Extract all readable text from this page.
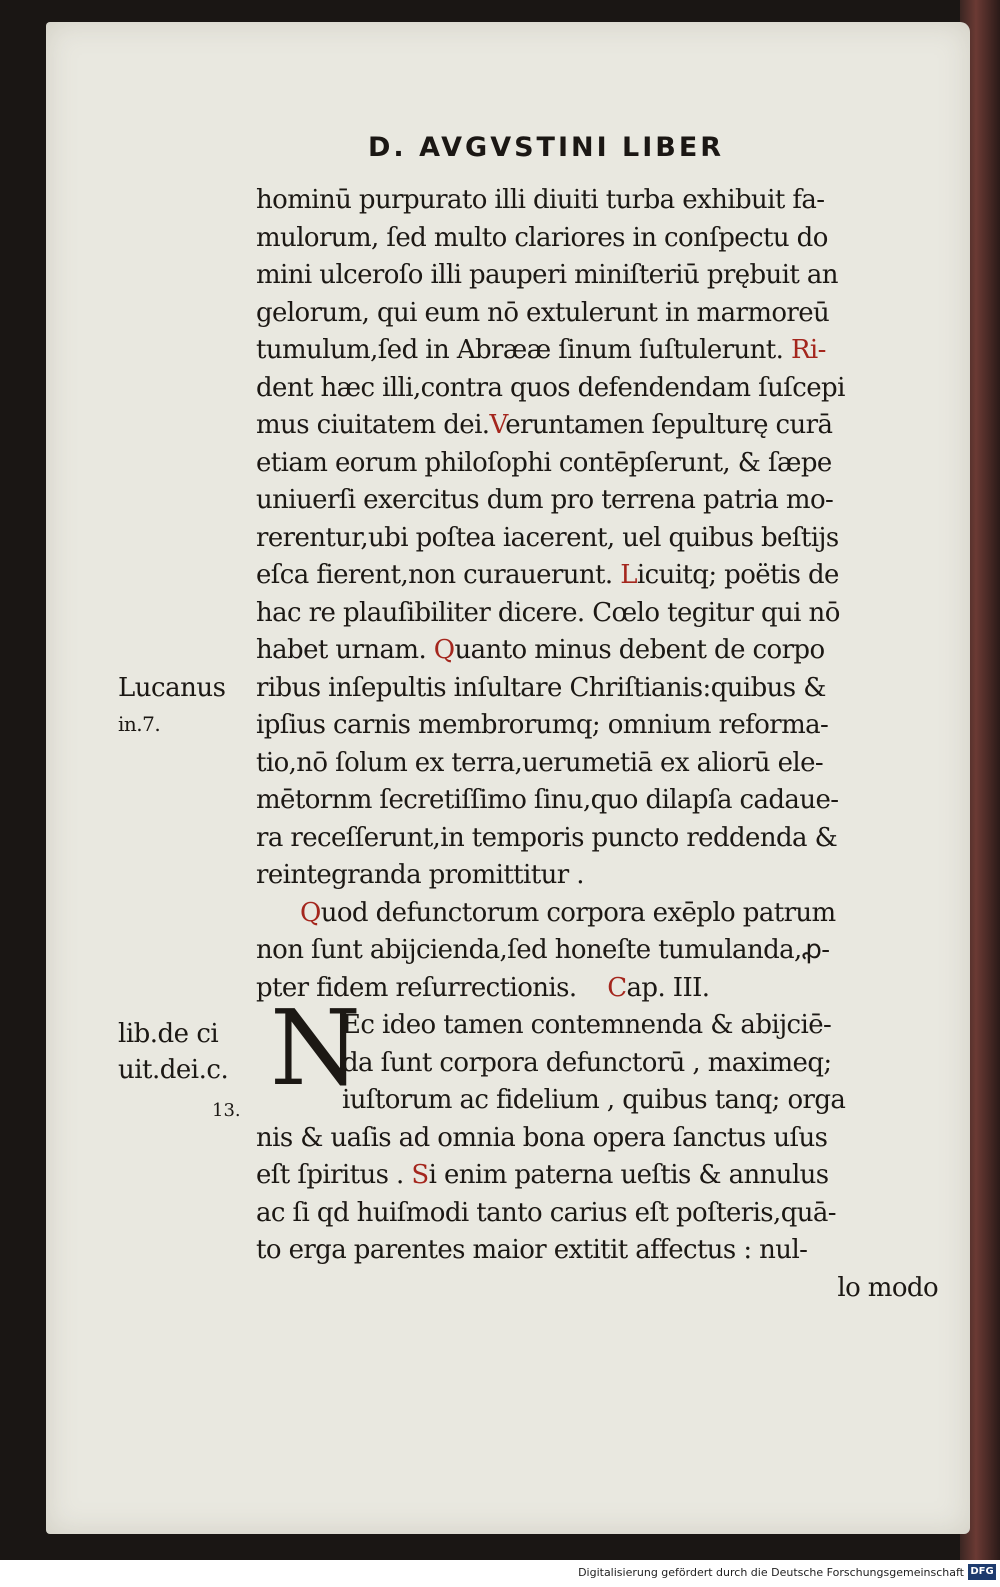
D. AVGVSTINI LIBER
hominū purpurato illi diuiti turba exhibuit fa-
mulorum, ſed multo clariores in conſpectu do
mini ulceroſo illi pauperi miniſteriū prębuit an
gelorum, qui eum nō extulerunt in marmoreū
tumulum,ſed in Abrææ ſinum ſuſtulerunt. Ri-
dent hæc illi,contra quos defendendam ſuſcepi
mus ciuitatem dei.Veruntamen ſepulturę curā
etiam eorum philoſophi contēpſerunt, & ſæpe
uniuerſi exercitus dum pro terrena patria mo-
rerentur,ubi poſtea iacerent, uel quibus beſtijs
eſca fierent,non curauerunt. Licuitq; poëtis de
hac re plauſibiliter dicere. Cœlo tegitur qui nō
habet urnam. Quanto minus debent de corpo
ribus inſepultis inſultare Chriſtianis:quibus &
ipſius carnis membrorumq; omnium reforma-
tio,nō ſolum ex terra,uerumetiā ex aliorū ele-
mētornm ſecretiſſimo ſinu,quo dilapſa cadaue-
ra receſſerunt,in temporis puncto reddenda &
reintegranda promittitur .
Quod defunctorum corpora exēplo patrum
non ſunt abijcienda,ſed honeſte tumulanda,ꝓ-
pter fidem reſurrectionis. Cap. III.
Ec ideo tamen contemnenda & abijciē-
da ſunt corpora defunctorū , maximeq;
iuſtorum ac fidelium , quibus tanq; orga
nis & uaſis ad omnia bona opera ſanctus uſus
eſt ſpiritus . Si enim paterna ueſtis & annulus
ac ſi qd huiſmodi tanto carius eſt poſteris,quā-
to erga parentes maior extitit affectus : nul-
lo modo
N
Lucanus
in.7.
lib.de ci
uit.dei.c.
13.
Digitalisierung gefördert durch die Deutsche Forschungsgemeinschaft DFG
